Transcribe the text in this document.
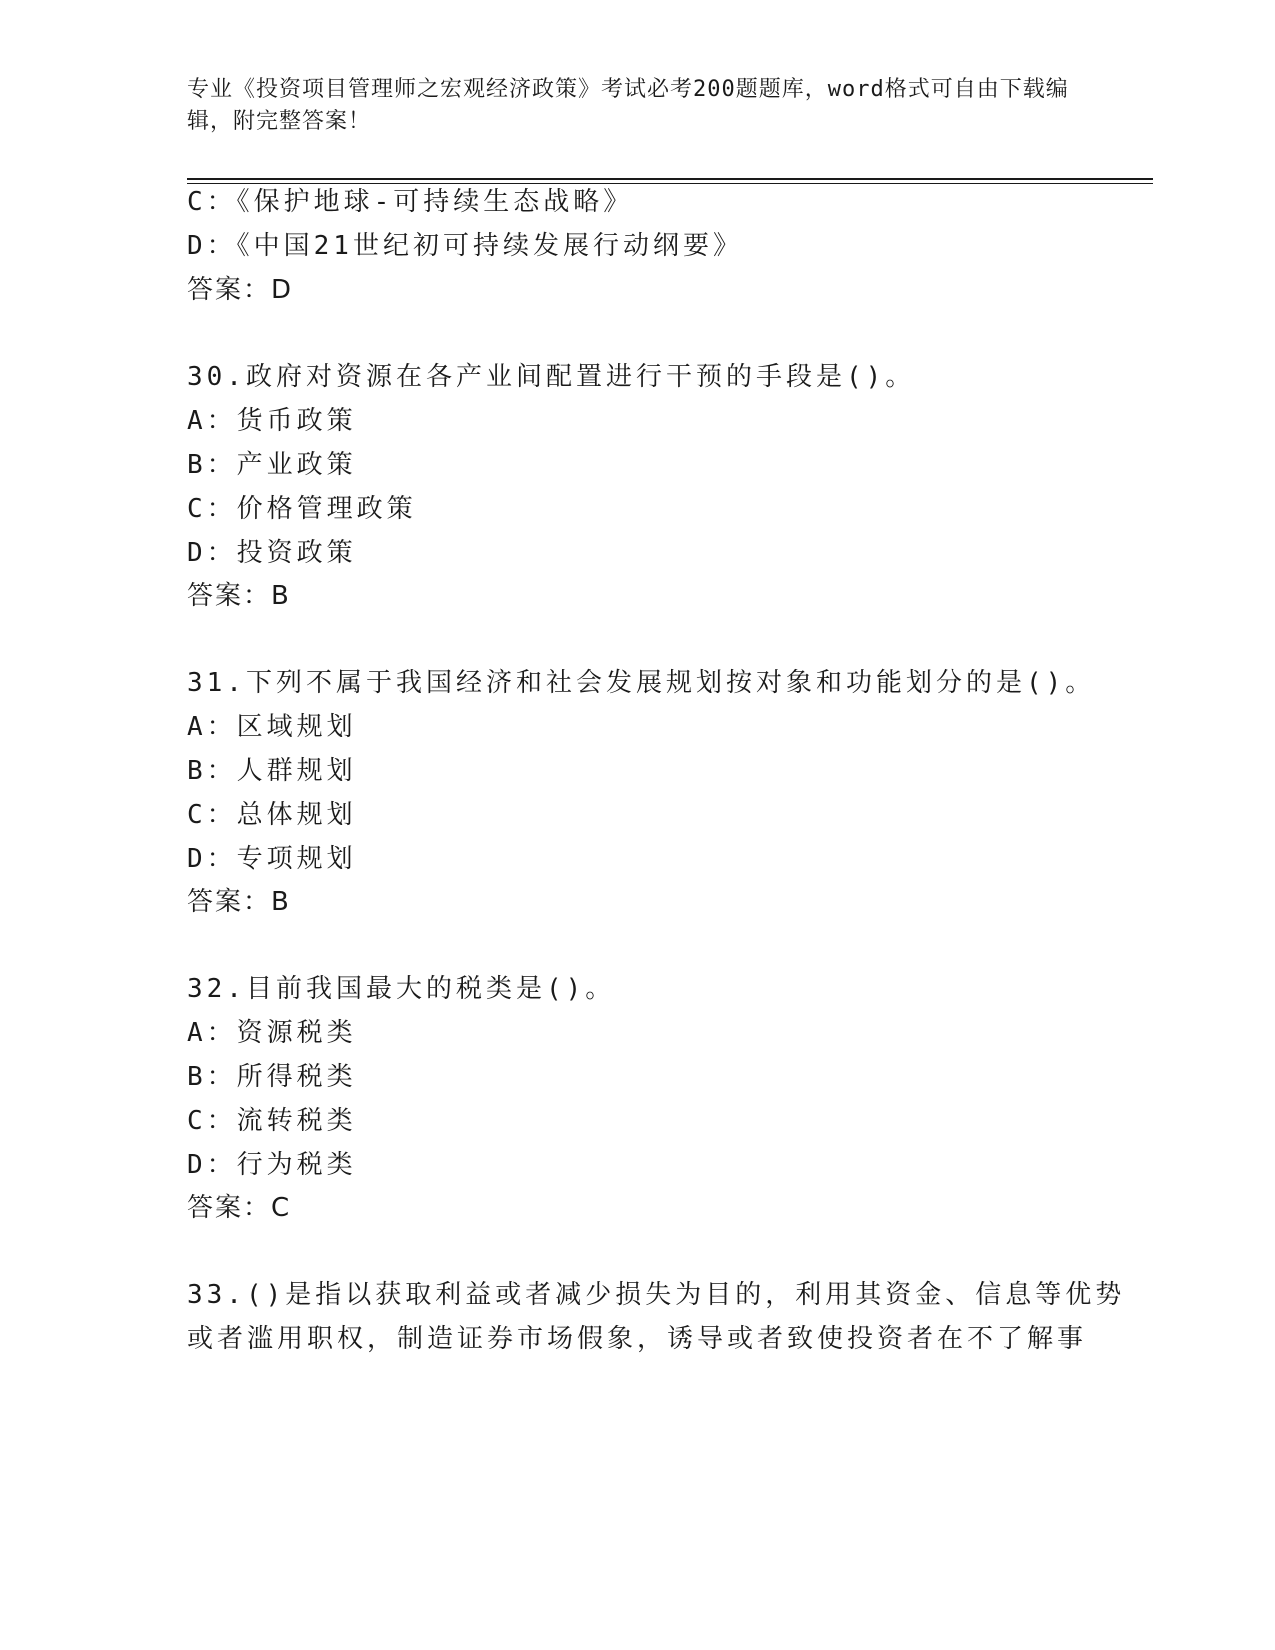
专业《投资项目管理师之宏观经济政策》考试必考200题题库，word格式可自由下载编辑，附完整答案！
C：《保护地球-可持续生态战略》
D：《中国21世纪初可持续发展行动纲要》
答案：D
30.政府对资源在各产业间配置进行干预的手段是()。
A：货币政策
B：产业政策
C：价格管理政策
D：投资政策
答案：B
31.下列不属于我国经济和社会发展规划按对象和功能划分的是()。
A：区域规划
B：人群规划
C：总体规划
D：专项规划
答案：B
32.目前我国最大的税类是()。
A：资源税类
B：所得税类
C：流转税类
D：行为税类
答案：C
33.()是指以获取利益或者减少损失为目的，利用其资金、信息等优势
或者滥用职权，制造证券市场假象，诱导或者致使投资者在不了解事
